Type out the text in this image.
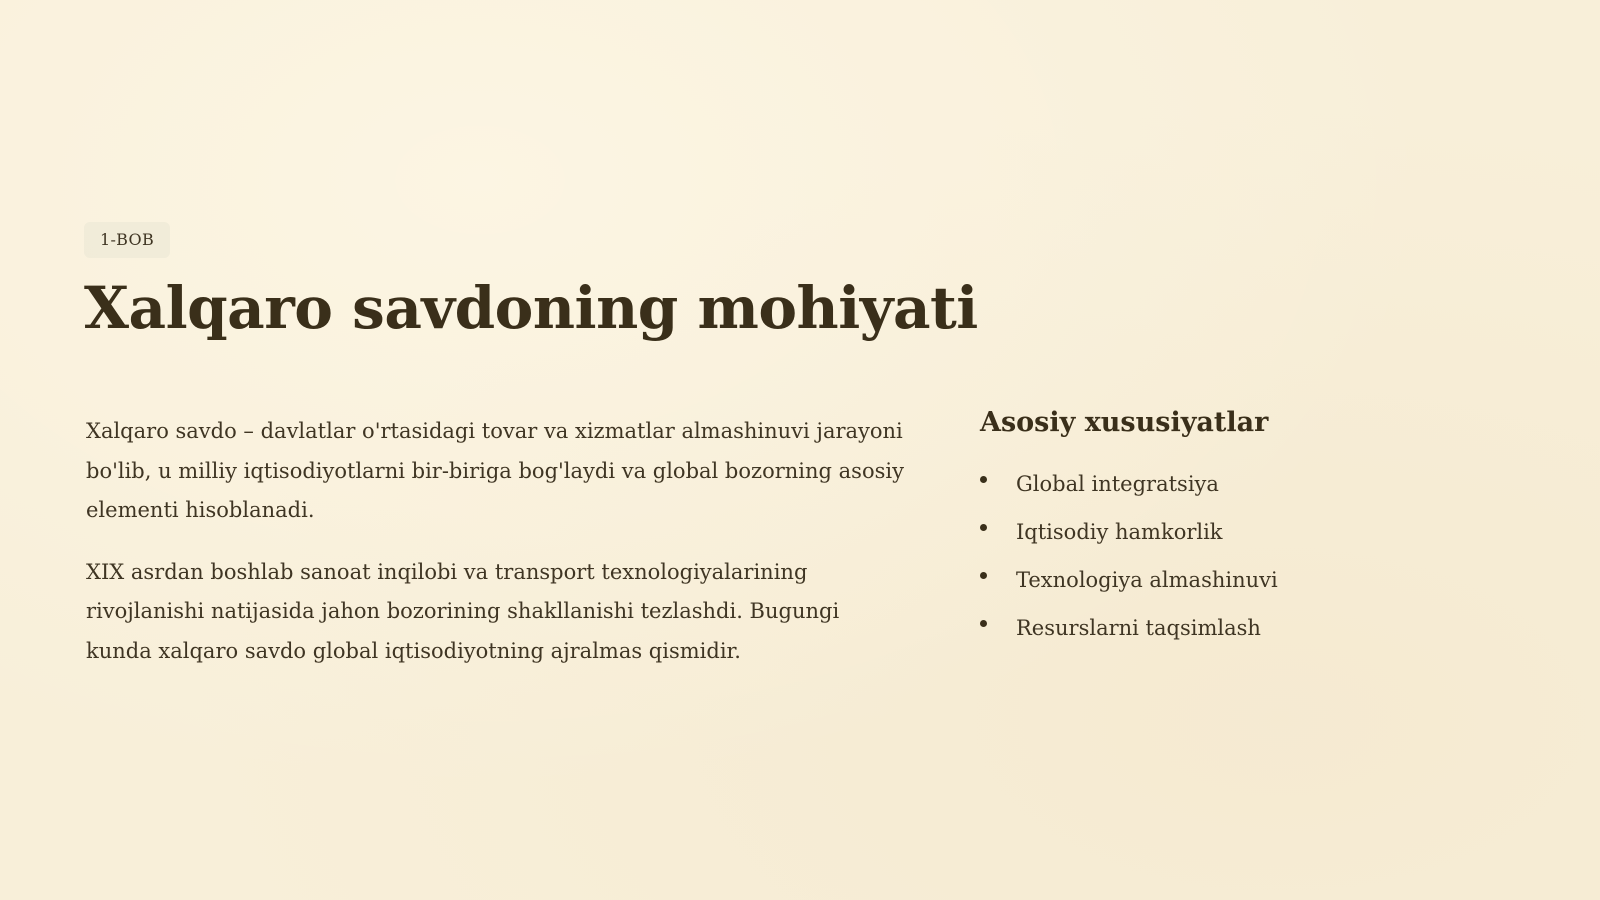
1-BOB
Xalqaro savdoning mohiyati

Xalqaro savdo – davlatlar o'rtasidagi tovar va xizmatlar almashinuvi jarayoni bo'lib, u milliy iqtisodiyotlarni bir-biriga bog'laydi va global bozorning asosiy elementi hisoblanadi.

XIX asrdan boshlab sanoat inqilobi va transport texnologiyalarining rivojlanishi natijasida jahon bozorining shakllanishi tezlashdi. Bugungi kunda xalqaro savdo global iqtisodiyotning ajralmas qismidir.

Asosiy xususiyatlar
Global integratsiya
Iqtisodiy hamkorlik
Texnologiya almashinuvi
Resurslarni taqsimlash
